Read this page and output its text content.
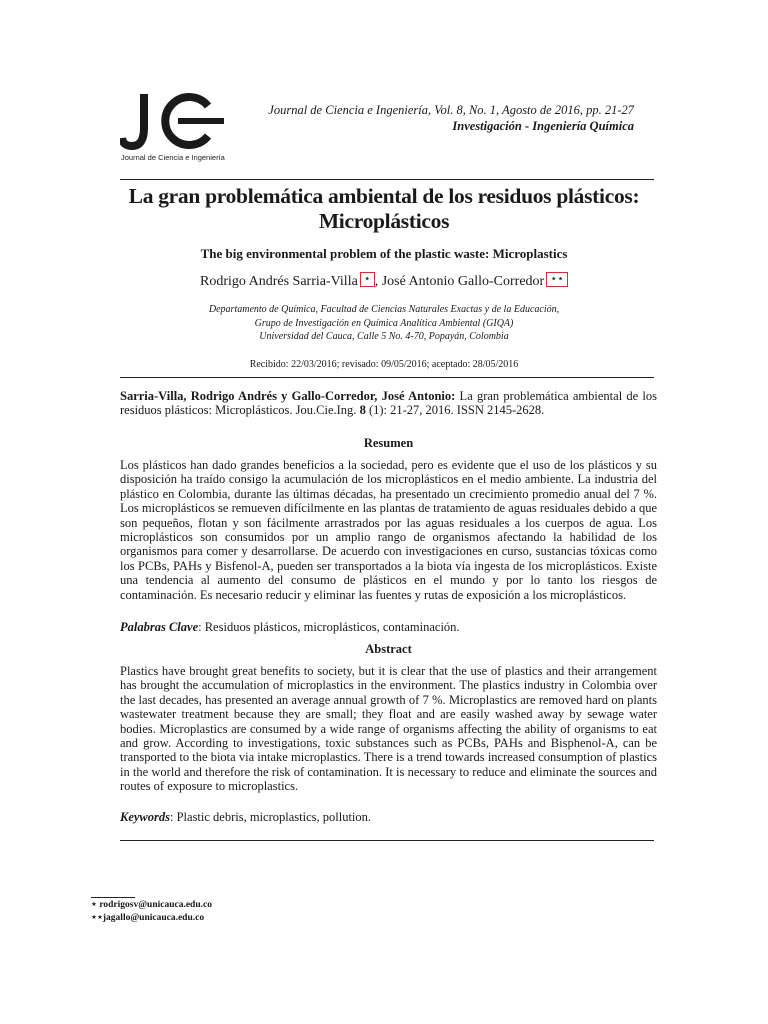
Journal de Ciencia e Ingeniería
Journal de Ciencia e Ingeniería, Vol. 8, No. 1, Agosto de 2016, pp. 21-27
Investigación - Ingeniería Química
La gran problemática ambiental de los residuos plásticos: Microplásticos
The big environmental problem of the plastic waste: Microplastics
Rodrigo Andrés Sarria-Villa ⋆ , José Antonio Gallo-Corredor ⋆⋆
Departamento de Química, Facultad de Ciencias Naturales Exactas y de la Educación,
Grupo de Investigación en Química Analítica Ambiental (GIQA)
Universidad del Cauca, Calle 5 No. 4-70, Popayán, Colombia
Recibido: 22/03/2016; revisado: 09/05/2016; aceptado: 28/05/2016
Sarria-Villa, Rodrigo Andrés y Gallo-Corredor, José Antonio: La gran problemática ambiental de los residuos plásticos: Microplásticos. Jou.Cie.Ing. 8 (1): 21-27, 2016. ISSN 2145-2628.
Resumen
Los plásticos han dado grandes beneficios a la sociedad, pero es evidente que el uso de los plásticos y su disposición ha traído consigo la acumulación de los microplásticos en el medio ambiente. La industria del plástico en Colombia, durante las últimas décadas, ha presentado un crecimiento promedio anual del 7 %. Los microplásticos se remueven difícilmente en las plantas de tratamiento de aguas residuales debido a que son pequeños, flotan y son fácilmente arrastrados por las aguas residuales a los cuerpos de agua. Los microplásticos son consumidos por un amplio rango de organismos afectando la habilidad de los organismos para comer y desarrollarse. De acuerdo con investigaciones en curso, sustancias tóxicas como los PCBs, PAHs y Bisfenol-A, pueden ser transportados a la biota vía ingesta de los microplásticos. Existe una tendencia al aumento del consumo de plásticos en el mundo y por lo tanto los riesgos de contaminación. Es necesario reducir y eliminar las fuentes y rutas de exposición a los microplásticos.
Palabras Clave: Residuos plásticos, microplásticos, contaminación.
Abstract
Plastics have brought great benefits to society, but it is clear that the use of plastics and their arrangement has brought the accumulation of microplastics in the environment. The plastics industry in Colombia over the last decades, has presented an average annual growth of 7 %. Microplastics are removed hard on plants wastewater treatment because they are small; they float and are easily washed away by sewage water bodies. Microplastics are consumed by a wide range of organisms affecting the ability of organisms to eat and grow. According to investigations, toxic substances such as PCBs, PAHs and Bisphenol-A, can be transported to the biota via intake microplastics. There is a trend towards increased consumption of plastics in the world and therefore the risk of contamination. It is necessary to reduce and eliminate the sources and routes of exposure to microplastics.
Keywords: Plastic debris, microplastics, pollution.
⋆ rodrigosv@unicauca.edu.co
⋆⋆jagallo@unicauca.edu.co
